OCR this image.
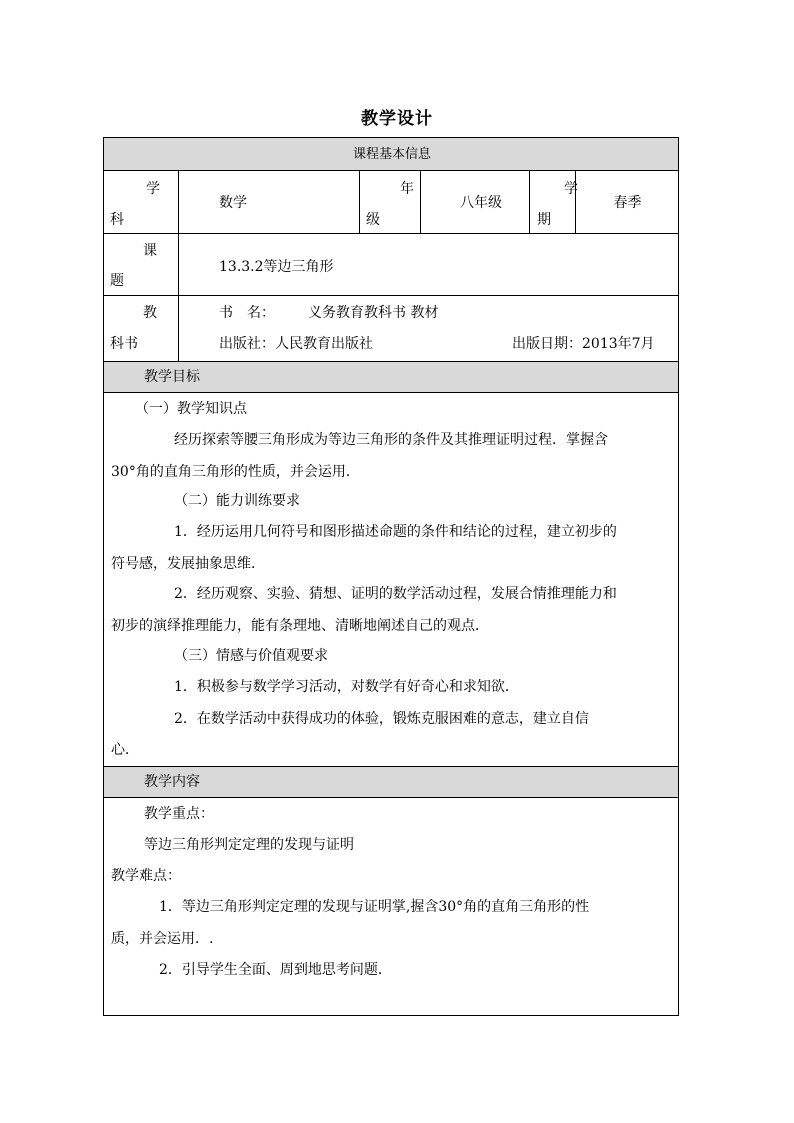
教学设计
课程基本信息
学
科
数学
年
级
八年级
学
期
春季
课
题
13.3.2等边三角形
教
科书
书　名： 义务教育教科书 教材
出版社：人民教育出版社	出版日期：2013年7月
教学目标
（一）教学知识点
经历探索等腰三角形成为等边三角形的条件及其推理证明过程．掌握含
30°角的直角三角形的性质，并会运用．
（二）能力训练要求
1．经历运用几何符号和图形描述命题的条件和结论的过程，建立初步的
符号感，发展抽象思维．
2．经历观察、实验、猜想、证明的数学活动过程，发展合情推理能力和
初步的演绎推理能力，能有条理地、清晰地阐述自己的观点．
（三）情感与价值观要求
1．积极参与数学学习活动，对数学有好奇心和求知欲．
2．在数学活动中获得成功的体验，锻炼克服困难的意志，建立自信
心．
教学内容
教学重点：
等边三角形判定定理的发现与证明
教学难点：
1．等边三角形判定定理的发现与证明掌,握含30°角的直角三角形的性
质，并会运用．.
2．引导学生全面、周到地思考问题．
